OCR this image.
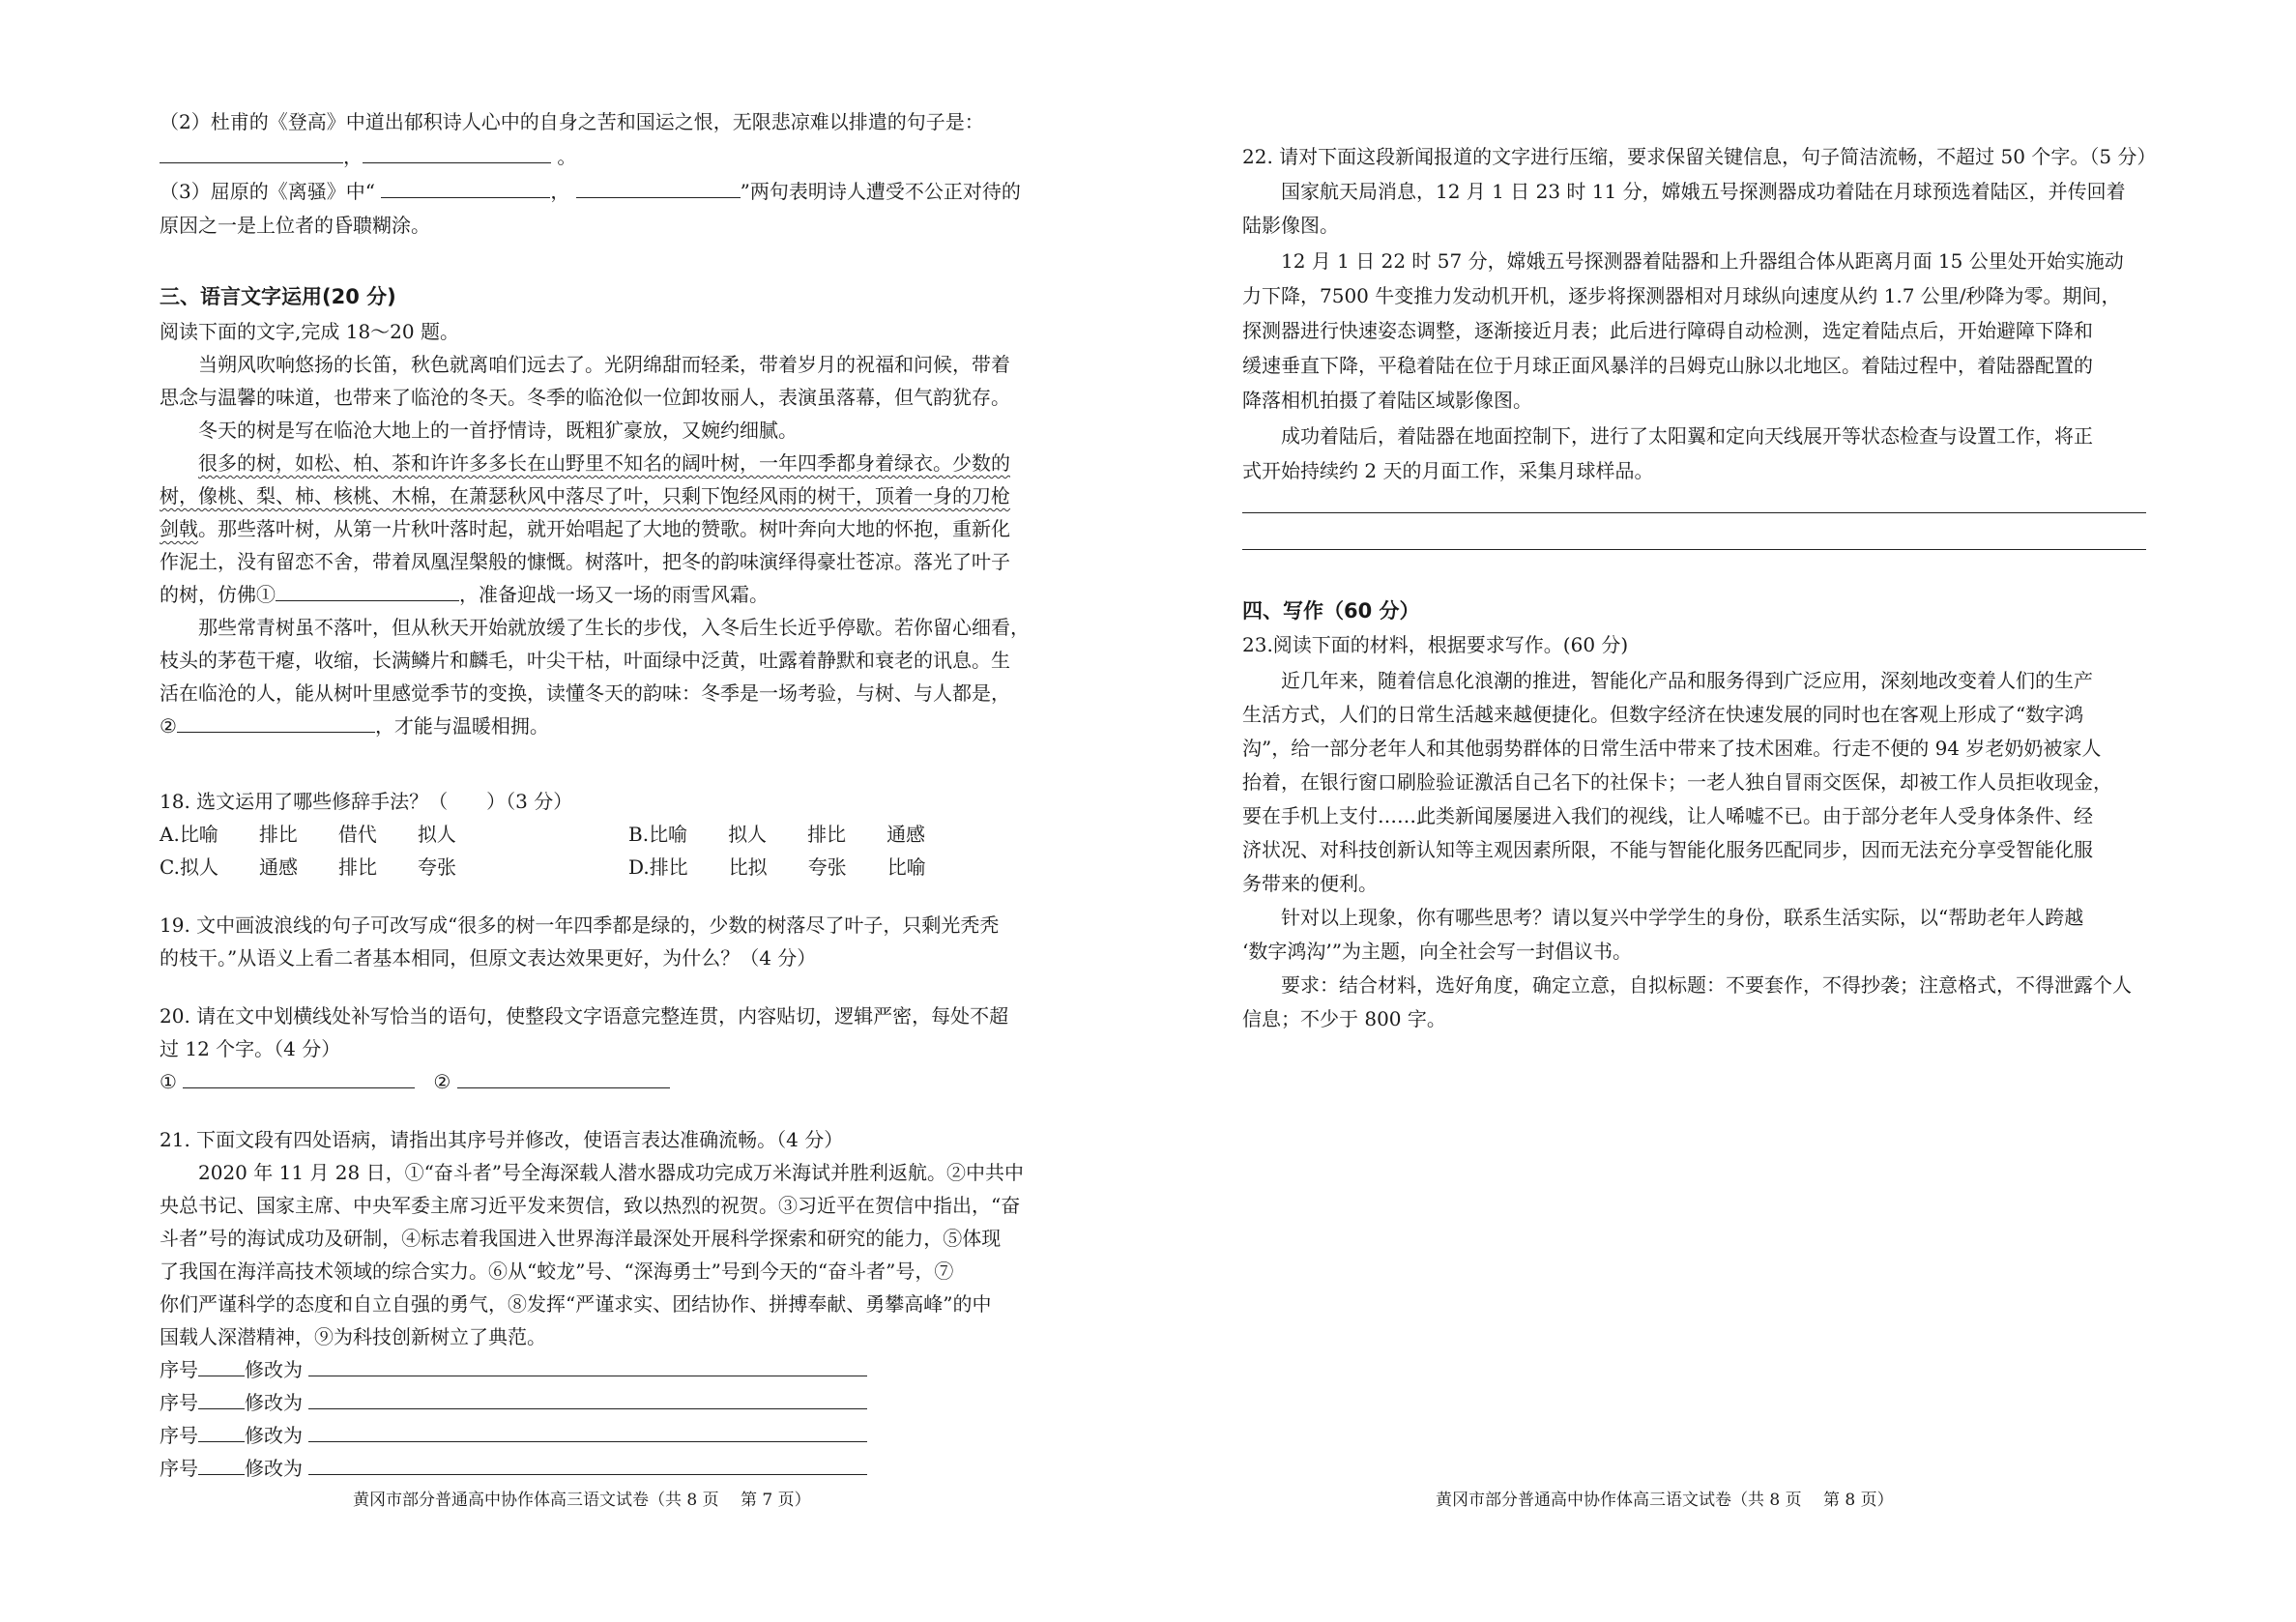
（2）杜甫的《登高》中道出郁积诗人心中的自身之苦和国运之恨，无限悲凉难以排遣的句子是：
，	。
（3）屈原的《离骚》中“	，	”两句表明诗人遭受不公正对待的
原因之一是上位者的昏聩糊涂。
三、语言文字运用(20 分)
阅读下面的文字,完成 18～20 题。
当朔风吹响悠扬的长笛，秋色就离咱们远去了。光阴绵甜而轻柔，带着岁月的祝福和问候，带着
思念与温馨的味道，也带来了临沧的冬天。冬季的临沧似一位卸妆丽人，表演虽落幕，但气韵犹存。
冬天的树是写在临沧大地上的一首抒情诗，既粗犷豪放，又婉约细腻。
很多的树，如松、柏、茶和许许多多长在山野里不知名的阔叶树，一年四季都身着绿衣。少数的
树，像桃、梨、柿、核桃、木棉，在萧瑟秋风中落尽了叶，只剩下饱经风雨的树干，顶着一身的刀枪
剑戟。那些落叶树，从第一片秋叶落时起，就开始唱起了大地的赞歌。树叶奔向大地的怀抱，重新化
作泥土，没有留恋不舍，带着凤凰涅槃般的慷慨。树落叶，把冬的韵味演绎得豪壮苍凉。落光了叶子
的树，仿佛①	，准备迎战一场又一场的雨雪风霜。
那些常青树虽不落叶，但从秋天开始就放缓了生长的步伐，入冬后生长近乎停歇。若你留心细看，
枝头的茅苞干瘪，收缩，长满鳞片和麟毛，叶尖干枯，叶面绿中泛黄，吐露着静默和衰老的讯息。生
活在临沧的人，能从树叶里感觉季节的变换，读懂冬天的韵味：冬季是一场考验，与树、与人都是，
②	，才能与温暖相拥。
18. 选文运用了哪些修辞手法？（　　）（3 分）
A.比喻 排比 借代 拟人	B.比喻 拟人 排比 通感
C.拟人 通感 排比 夸张	D.排比 比拟 夸张 比喻
19. 文中画波浪线的句子可改写成“很多的树一年四季都是绿的，少数的树落尽了叶子，只剩光秃秃
的枝干。”从语义上看二者基本相同，但原文表达效果更好，为什么？（4 分）
20. 请在文中划横线处补写恰当的语句，使整段文字语意完整连贯，内容贴切，逻辑严密，每处不超
过 12 个字。（4 分）
①	②
21. 下面文段有四处语病，请指出其序号并修改，使语言表达准确流畅。（4 分）
2020 年 11 月 28 日，①“奋斗者”号全海深载人潜水器成功完成万米海试并胜利返航。②中共中
央总书记、国家主席、中央军委主席习近平发来贺信，致以热烈的祝贺。③习近平在贺信中指出，“奋
斗者”号的海试成功及研制，④标志着我国进入世界海洋最深处开展科学探索和研究的能力，⑤体现
了我国在海洋高技术领域的综合实力。⑥从“蛟龙”号、“深海勇士”号到今天的“奋斗者”号，⑦
你们严谨科学的态度和自立自强的勇气，⑧发挥“严谨求实、团结协作、拼搏奉献、勇攀高峰”的中
国载人深潜精神，⑨为科技创新树立了典范。
序号 修改为
序号 修改为
序号 修改为
序号 修改为
黄冈市部分普通高中协作体高三语文试卷（共 8 页　 第 7 页）
22. 请对下面这段新闻报道的文字进行压缩，要求保留关键信息，句子简洁流畅，不超过 50 个字。（5 分）
国家航天局消息，12 月 1 日 23 时 11 分，嫦娥五号探测器成功着陆在月球预选着陆区，并传回着
陆影像图。
12 月 1 日 22 时 57 分，嫦娥五号探测器着陆器和上升器组合体从距离月面 15 公里处开始实施动
力下降，7500 牛变推力发动机开机，逐步将探测器相对月球纵向速度从约 1.7 公里/秒降为零。期间，
探测器进行快速姿态调整，逐渐接近月表；此后进行障碍自动检测，选定着陆点后，开始避障下降和
缓速垂直下降，平稳着陆在位于月球正面风暴洋的吕姆克山脉以北地区。着陆过程中，着陆器配置的
降落相机拍摄了着陆区域影像图。
成功着陆后，着陆器在地面控制下，进行了太阳翼和定向天线展开等状态检查与设置工作，将正
式开始持续约 2 天的月面工作，采集月球样品。
四、写作（60 分）
23.阅读下面的材料，根据要求写作。(60 分)
近几年来，随着信息化浪潮的推进，智能化产品和服务得到广泛应用，深刻地改变着人们的生产
生活方式，人们的日常生活越来越便捷化。但数字经济在快速发展的同时也在客观上形成了“数字鸿
沟”，给一部分老年人和其他弱势群体的日常生活中带来了技术困难。行走不便的 94 岁老奶奶被家人
抬着，在银行窗口刷脸验证激活自己名下的社保卡；一老人独自冒雨交医保，却被工作人员拒收现金，
要在手机上支付……此类新闻屡屡进入我们的视线，让人唏嘘不已。由于部分老年人受身体条件、经
济状况、对科技创新认知等主观因素所限，不能与智能化服务匹配同步，因而无法充分享受智能化服
务带来的便利。
针对以上现象，你有哪些思考？请以复兴中学学生的身份，联系生活实际，以“帮助老年人跨越
‘数字鸿沟’”为主题，向全社会写一封倡议书。
要求：结合材料，选好角度，确定立意，自拟标题：不要套作，不得抄袭；注意格式，不得泄露个人
信息；不少于 800 字。
黄冈市部分普通高中协作体高三语文试卷（共 8 页　 第 8 页）
